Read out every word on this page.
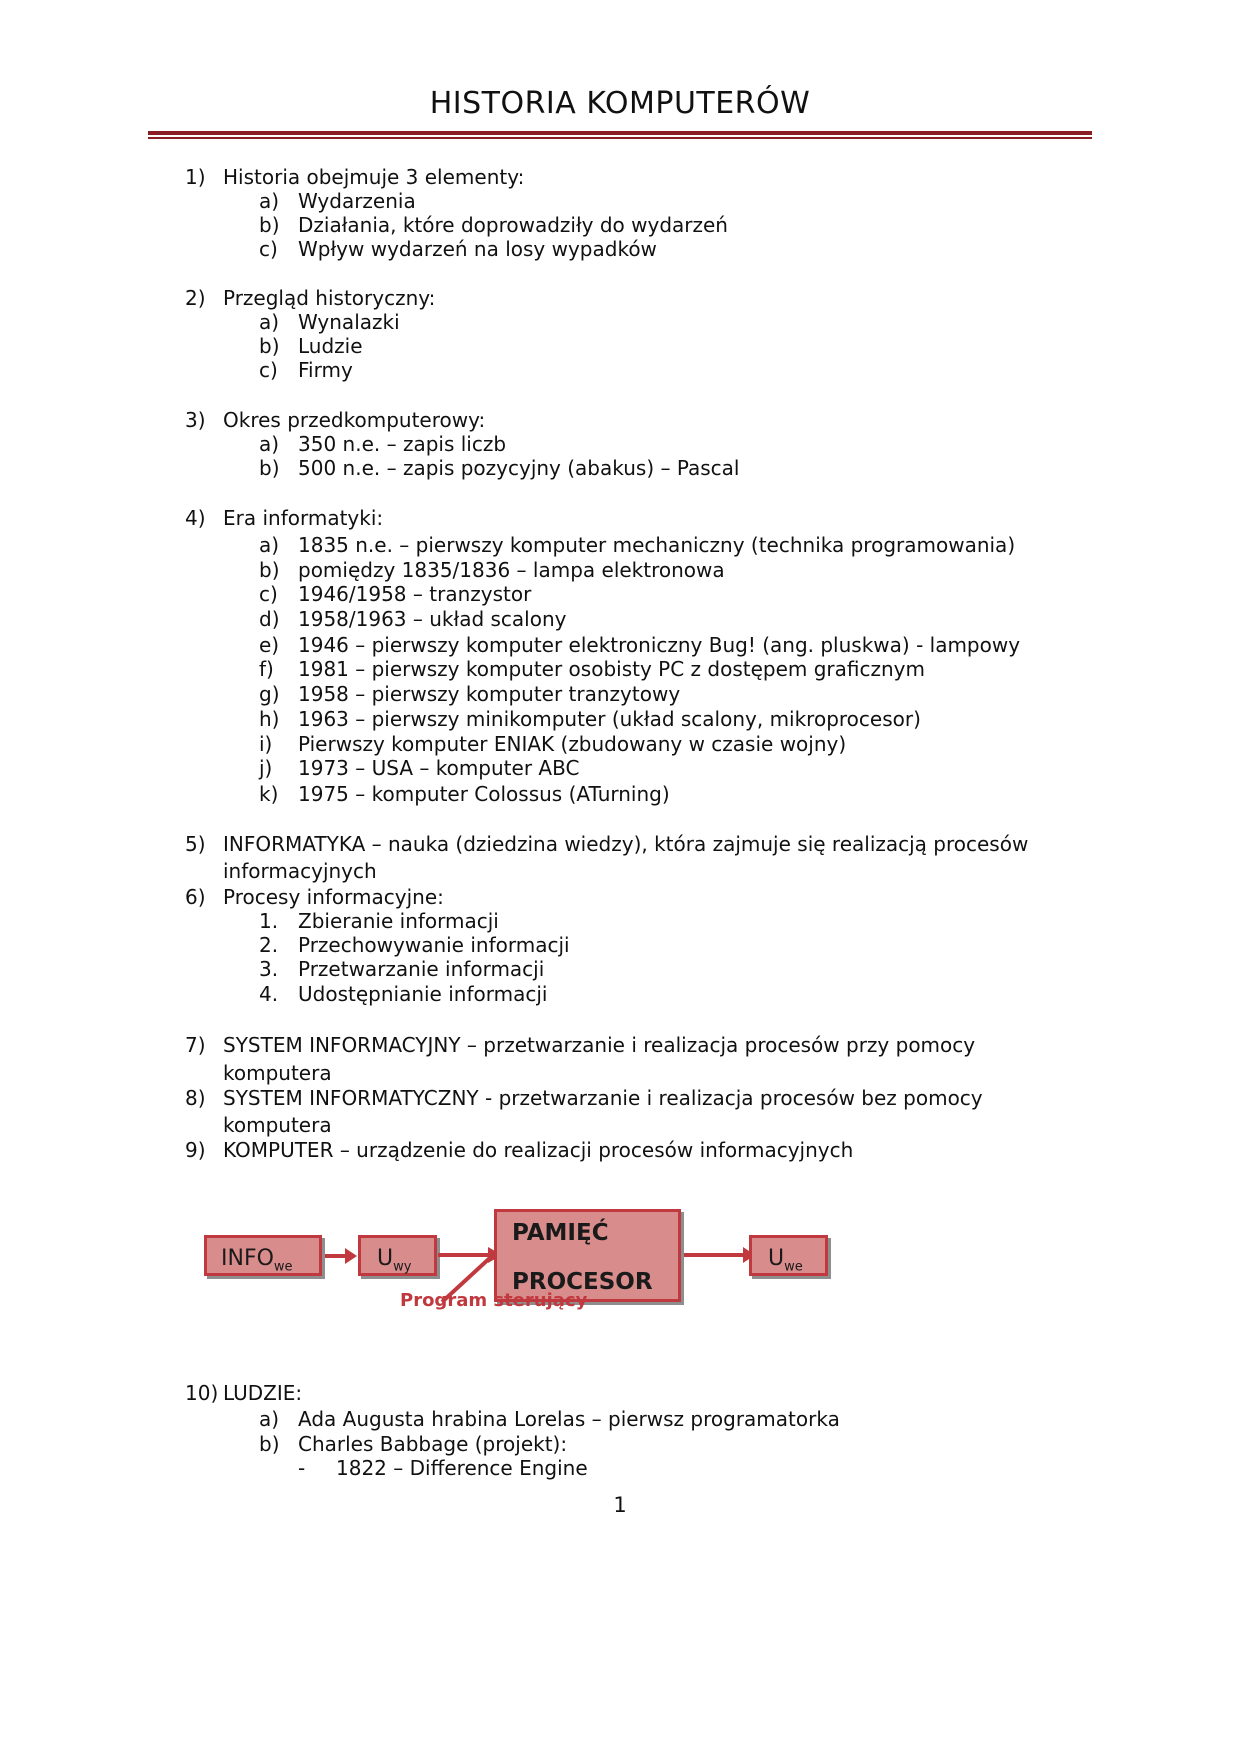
HISTORIA KOMPUTERÓW
1) Historia obejmuje 3 elementy:
a) Wydarzenia
b) Działania, które doprowadziły do wydarzeń
c) Wpływ wydarzeń na losy wypadków
2) Przegląd historyczny:
a) Wynalazki
b) Ludzie
c) Firmy
3) Okres przedkomputerowy:
a) 350 n.e. – zapis liczb
b) 500 n.e. – zapis pozycyjny (abakus) – Pascal
4) Era informatyki:
a) 1835 n.e. – pierwszy komputer mechaniczny (technika programowania)
b) pomiędzy 1835/1836 – lampa elektronowa
c) 1946/1958 – tranzystor
d) 1958/1963 – układ scalony
e) 1946 – pierwszy komputer elektroniczny Bug! (ang. pluskwa) - lampowy
f) 1981 – pierwszy komputer osobisty PC z dostępem graficznym
g) 1958 – pierwszy komputer tranzytowy
h) 1963 – pierwszy minikomputer (układ scalony, mikroprocesor)
i) Pierwszy komputer ENIAK (zbudowany w czasie wojny)
j) 1973 – USA – komputer ABC
k) 1975 – komputer Colossus (ATurning)
5) INFORMATYKA – nauka (dziedzina wiedzy), która zajmuje się realizacją procesów
informacyjnych
6) Procesy informacyjne:
1. Zbieranie informacji
2. Przechowywanie informacji
3. Przetwarzanie informacji
4. Udostępnianie informacji
7) SYSTEM INFORMACYJNY – przetwarzanie i realizacja procesów przy pomocy
komputera
8) SYSTEM INFORMATYCZNY - przetwarzanie i realizacja procesów bez pomocy
komputera
9) KOMPUTER – urządzenie do realizacji procesów informacyjnych
$INFO_{we}$	$U_{wy}$
PAMIĘĆ
PROCESOR
$U_{we}$
Program sterujący
10) LUDZIE:
a) Ada Augusta hrabina Lorelas – pierwsz programatorka
b) Charles Babbage (projekt):
- 1822 – Difference Engine
1
